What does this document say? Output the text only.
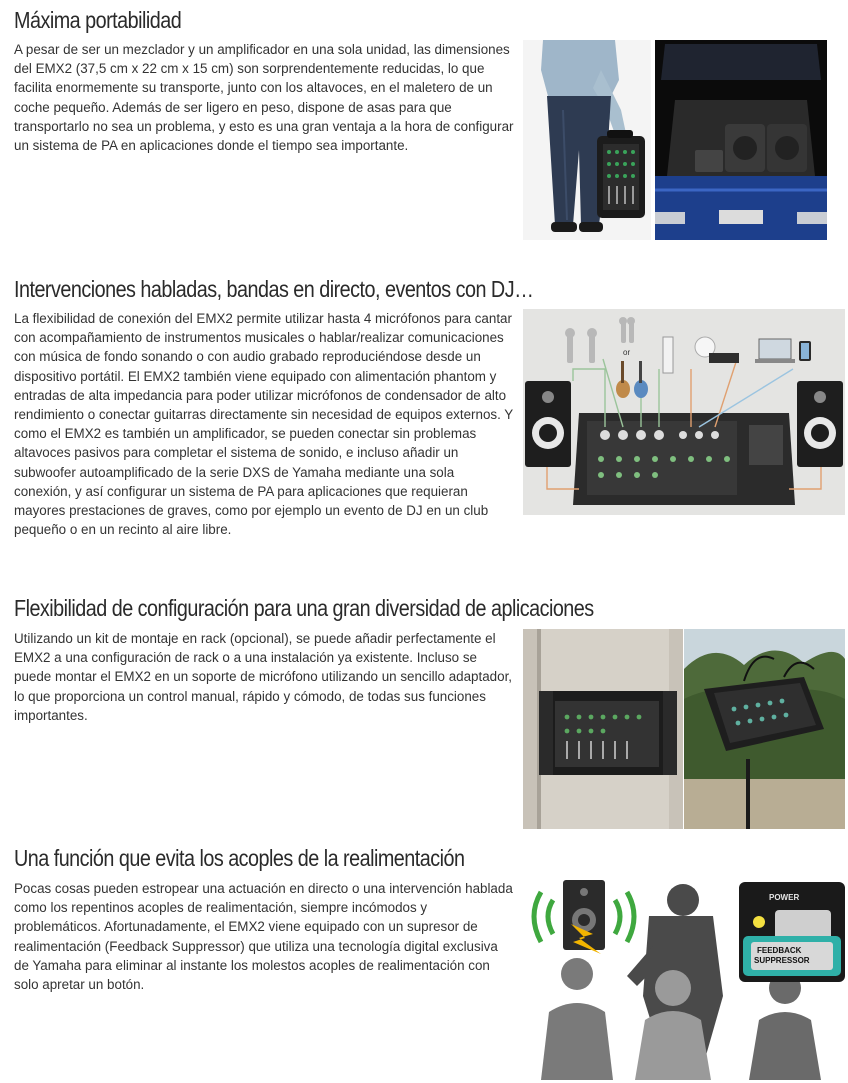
Máxima portabilidad

A pesar de ser un mezclador y un amplificador en una sola unidad, las dimensiones del EMX2 (37,5 cm x 22 cm x 15 cm) son sorprendentemente reducidas, lo que facilita enormemente su transporte, junto con los altavoces, en el maletero de un coche pequeño. Además de ser ligero en peso, dispone de asas para que transportarlo no sea un problema, y esto es una gran ventaja a la hora de configurar un sistema de PA en aplicaciones donde el tiempo sea importante.

Intervenciones habladas, bandas en directo, eventos con DJ…

La flexibilidad de conexión del EMX2 permite utilizar hasta 4 micrófonos para cantar con acompañamiento de instrumentos musicales o hablar/realizar comunicaciones con música de fondo sonando o con audio grabado reproduciéndose desde un dispositivo portátil. El EMX2 también viene equipado con alimentación phantom y entradas de alta impedancia para poder utilizar micrófonos de condensador de alto rendimiento o conectar guitarras directamente sin necesidad de equipos externos. Y como el EMX2 es también un amplificador, se pueden conectar sin problemas altavoces pasivos para completar el sistema de sonido, e incluso añadir un subwoofer autoamplificado de la serie DXS de Yamaha mediante una sola conexión, y así configurar un sistema de PA para aplicaciones que requieran mayores prestaciones de graves, como por ejemplo un evento de DJ en un club pequeño o en un recinto al aire libre.

or
Flexibilidad de configuración para una gran diversidad de aplicaciones

Utilizando un kit de montaje en rack (opcional), se puede añadir perfectamente el EMX2 a una configuración de rack o a una instalación ya existente. Incluso se puede montar el EMX2 en un soporte de micrófono utilizando un sencillo adaptador, lo que proporciona un control manual, rápido y cómodo, de todas sus funciones importantes.

Una función que evita los acoples de la realimentación

Pocas cosas pueden estropear una actuación en directo o una intervención hablada como los repentinos acoples de realimentación, siempre incómodos y problemáticos. Afortunadamente, el EMX2 viene equipado con un supresor de realimentación (Feedback Suppressor) que utiliza una tecnología digital exclusiva de Yamaha para eliminar al instante los molestos acoples de realimentación con solo apretar un botón.

POWER
FEEDBACK
SUPPRESSOR
